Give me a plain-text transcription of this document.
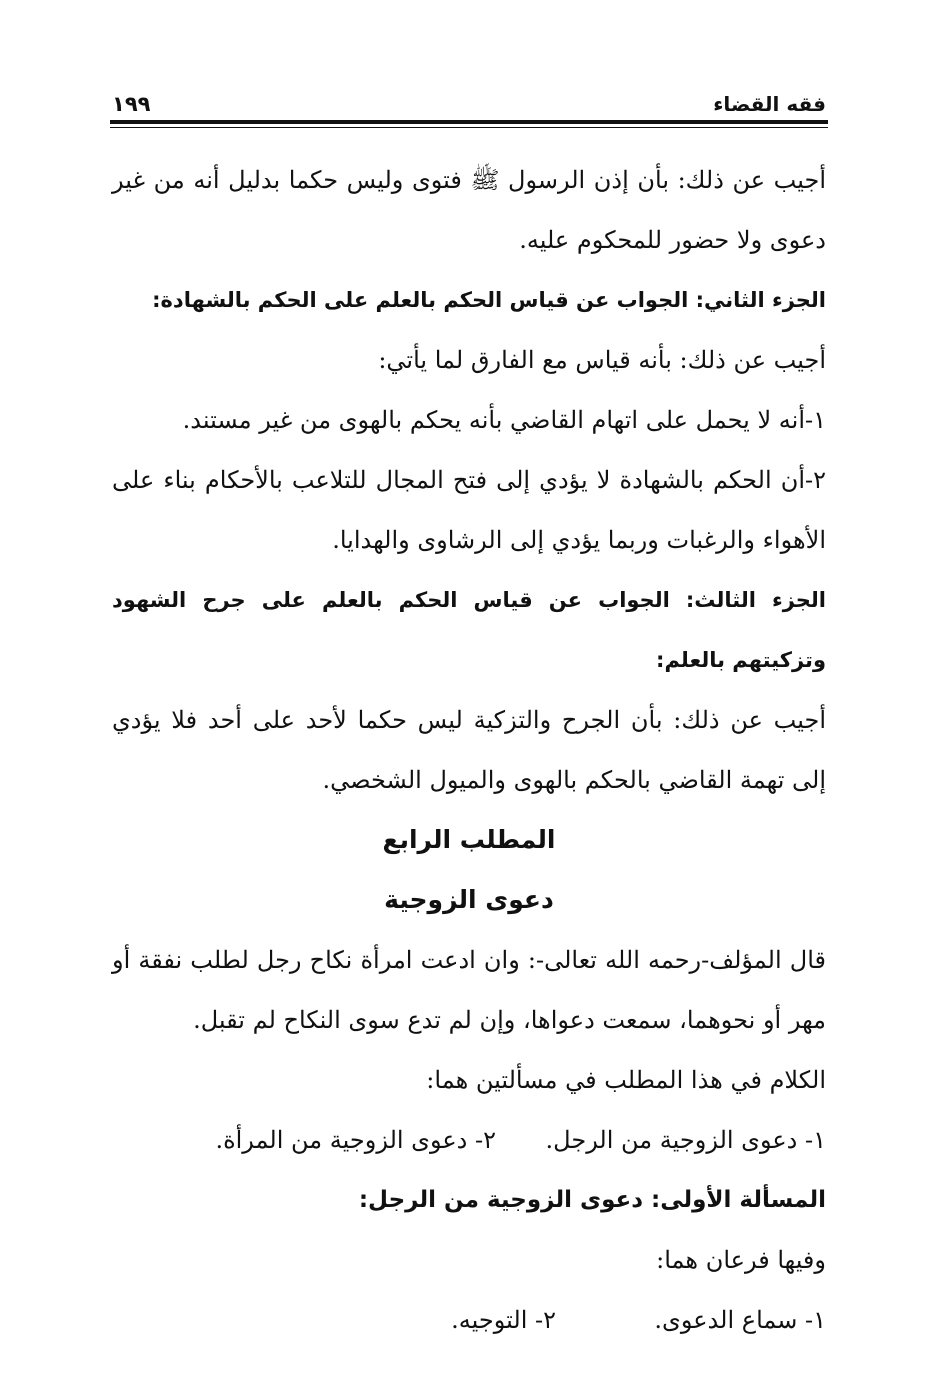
فقه القضاء
١٩٩

أجيب عن ذلك: بأن إذن الرسول ﷺ فتوى وليس حكما بدليل أنه من غير دعوى ولا حضور للمحكوم عليه.

الجزء الثاني: الجواب عن قياس الحكم بالعلم على الحكم بالشهادة:

أجيب عن ذلك: بأنه قياس مع الفارق لما يأتي:

١-أنه لا يحمل على اتهام القاضي بأنه يحكم بالهوى من غير مستند.

٢-أن الحكم بالشهادة لا يؤدي إلى فتح المجال للتلاعب بالأحكام بناء على الأهواء والرغبات وربما يؤدي إلى الرشاوى والهدايا.

الجزء الثالث: الجواب عن قياس الحكم بالعلم على جرح الشهود وتزكيتهم بالعلم:

أجيب عن ذلك: بأن الجرح والتزكية ليس حكما لأحد على أحد فلا يؤدي إلى تهمة القاضي بالحكم بالهوى والميول الشخصي.

المطلب الرابع

دعوى الزوجية

قال المؤلف-رحمه الله تعالى-: وان ادعت امرأة نكاح رجل لطلب نفقة أو مهر أو نحوهما، سمعت دعواها، وإن لم تدع سوى النكاح لم تقبل.

الكلام في هذا المطلب في مسألتين هما:

١- دعوى الزوجية من الرجل.
٢- دعوى الزوجية من المرأة.

المسألة الأولى: دعوى الزوجية من الرجل:

وفيها فرعان هما:

١- سماع الدعوى.
٢- التوجيه.
